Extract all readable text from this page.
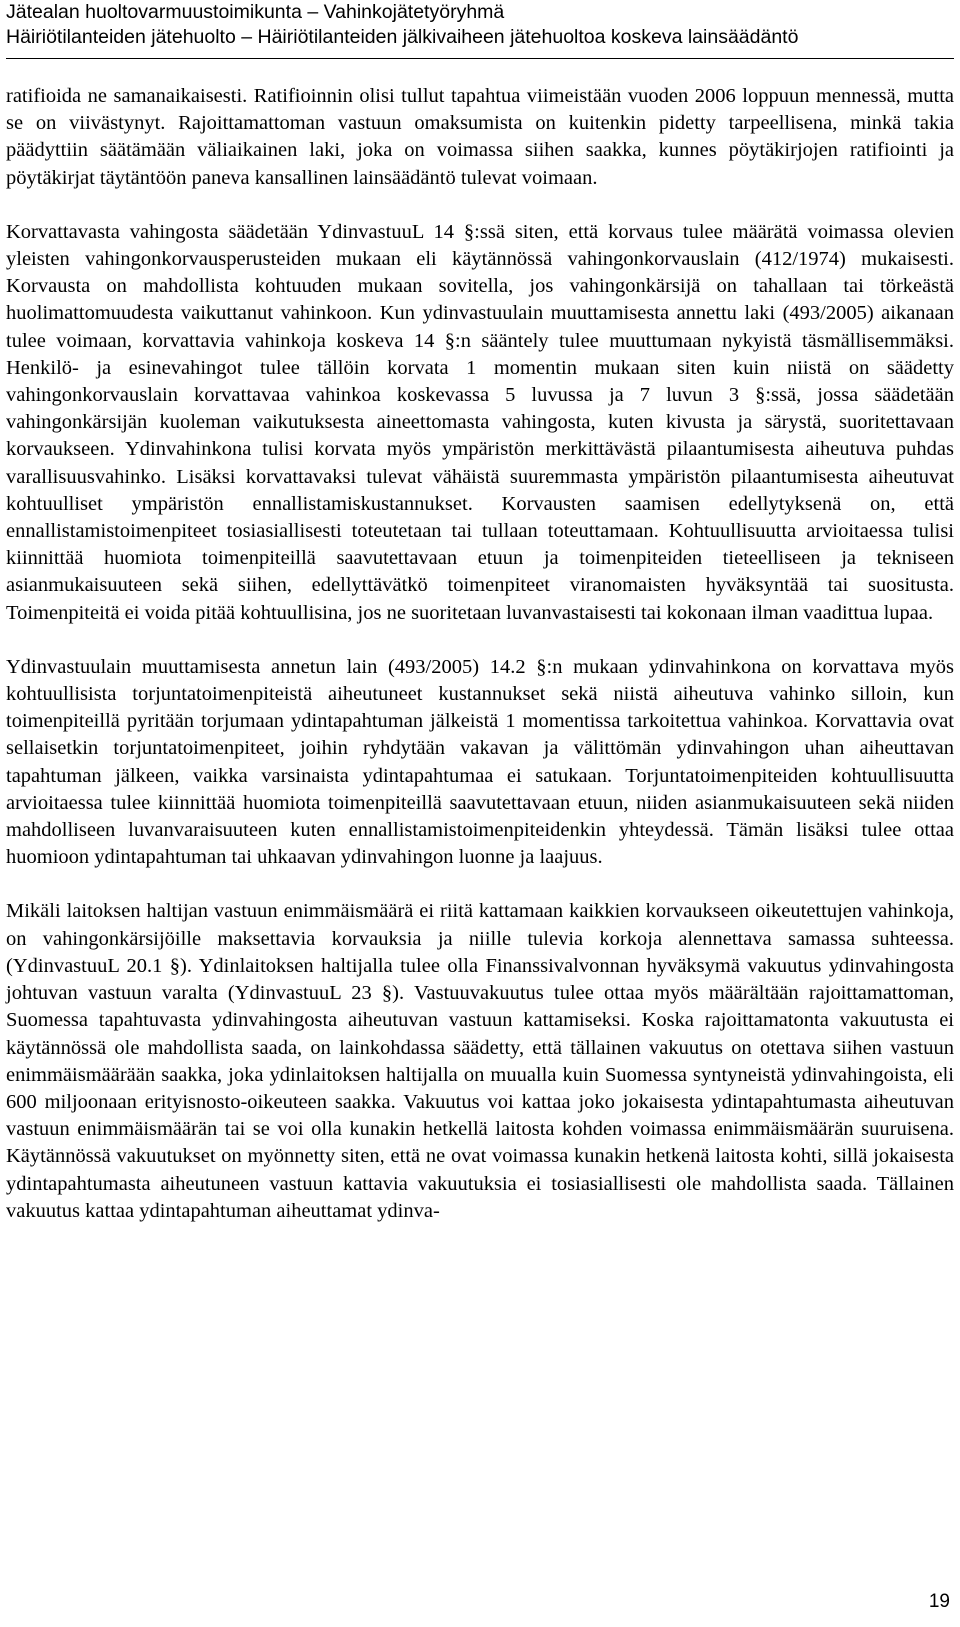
Jätealan huoltovarmuustoimikunta – Vahinkojätetyöryhmä
Häiriötilanteiden jätehuolto – Häiriötilanteiden jälkivaiheen jätehuoltoa koskeva lainsäädäntö

ratifioida ne samanaikaisesti. Ratifioinnin olisi tullut tapahtua viimeistään vuoden 2006 loppuun mennessä, mutta se on viivästynyt. Rajoittamattoman vastuun omaksumista on kuitenkin pidetty tarpeellisena, minkä takia päädyttiin säätämään väliaikainen laki, joka on voimassa siihen saakka, kunnes pöytäkirjojen ratifiointi ja pöytäkirjat täytäntöön paneva kansallinen lainsäädäntö tulevat voimaan.

Korvattavasta vahingosta säädetään YdinvastuuL 14 §:ssä siten, että korvaus tulee määrätä voimassa olevien yleisten vahingonkorvausperusteiden mukaan eli käytännössä vahingonkorvauslain (412/1974) mukaisesti. Korvausta on mahdollista kohtuuden mukaan sovitella, jos vahingonkärsijä on tahallaan tai törkeästä huolimattomuudesta vaikuttanut vahinkoon. Kun ydinvastuulain muuttamisesta annettu laki (493/2005) aikanaan tulee voimaan, korvattavia vahinkoja koskeva 14 §:n sääntely tulee muuttumaan nykyistä täsmällisemmäksi. Henkilö- ja esinevahingot tulee tällöin korvata 1 momentin mukaan siten kuin niistä on säädetty vahingonkorvauslain korvattavaa vahinkoa koskevassa 5 luvussa ja 7 luvun 3 §:ssä, jossa säädetään vahingonkärsijän kuoleman vaikutuksesta aineettomasta vahingosta, kuten kivusta ja särystä, suoritettavaan korvaukseen. Ydinvahinkona tulisi korvata myös ympäristön merkittävästä pilaantumisesta aiheutuva puhdas varallisuusvahinko. Lisäksi korvattavaksi tulevat vähäistä suuremmasta ympäristön pilaantumisesta aiheutuvat kohtuulliset ympäristön ennallistamiskustannukset. Korvausten saamisen edellytyksenä on, että ennallistamistoimenpiteet tosiasiallisesti toteutetaan tai tullaan toteuttamaan. Kohtuullisuutta arvioitaessa tulisi kiinnittää huomiota toimenpiteillä saavutettavaan etuun ja toimenpiteiden tieteelliseen ja tekniseen asianmukaisuuteen sekä siihen, edellyttävätkö toimenpiteet viranomaisten hyväksyntää tai suositusta. Toimenpiteitä ei voida pitää kohtuullisina, jos ne suoritetaan luvanvastaisesti tai kokonaan ilman vaadittua lupaa.

Ydinvastuulain muuttamisesta annetun lain (493/2005) 14.2 §:n mukaan ydinvahinkona on korvattava myös kohtuullisista torjuntatoimenpiteistä aiheutuneet kustannukset sekä niistä aiheutuva vahinko silloin, kun toimenpiteillä pyritään torjumaan ydintapahtuman jälkeistä 1 momentissa tarkoitettua vahinkoa. Korvattavia ovat sellaisetkin torjuntatoimenpiteet, joihin ryhdytään vakavan ja välittömän ydinvahingon uhan aiheuttavan tapahtuman jälkeen, vaikka varsinaista ydintapahtumaa ei satukaan. Torjuntatoimenpiteiden kohtuullisuutta arvioitaessa tulee kiinnittää huomiota toimenpiteillä saavutettavaan etuun, niiden asianmukaisuuteen sekä niiden mahdolliseen luvanvaraisuuteen kuten ennallistamistoimenpiteidenkin yhteydessä. Tämän lisäksi tulee ottaa huomioon ydintapahtuman tai uhkaavan ydinvahingon luonne ja laajuus.

Mikäli laitoksen haltijan vastuun enimmäismäärä ei riitä kattamaan kaikkien korvaukseen oikeutettujen vahinkoja, on vahingonkärsijöille maksettavia korvauksia ja niille tulevia korkoja alennettava samassa suhteessa. (YdinvastuuL 20.1 §). Ydinlaitoksen haltijalla tulee olla Finanssivalvonnan hyväksymä vakuutus ydinvahingosta johtuvan vastuun varalta (YdinvastuuL 23 §). Vastuuvakuutus tulee ottaa myös määrältään rajoittamattoman, Suomessa tapahtuvasta ydinvahingosta aiheutuvan vastuun kattamiseksi. Koska rajoittamatonta vakuutusta ei käytännössä ole mahdollista saada, on lainkohdassa säädetty, että tällainen vakuutus on otettava siihen vastuun enimmäismäärään saakka, joka ydinlaitoksen haltijalla on muualla kuin Suomessa syntyneistä ydinvahingoista, eli 600 miljoonaan erityisnosto-oikeuteen saakka. Vakuutus voi kattaa joko jokaisesta ydintapahtumasta aiheutuvan vastuun enimmäismäärän tai se voi olla kunakin hetkellä laitosta kohden voimassa enimmäismäärän suuruisena. Käytännössä vakuutukset on myönnetty siten, että ne ovat voimassa kunakin hetkenä laitosta kohti, sillä jokaisesta ydintapahtumasta aiheutuneen vastuun kattavia vakuutuksia ei tosiasiallisesti ole mahdollista saada. Tällainen vakuutus kattaa ydintapahtuman aiheuttamat ydinva-

19
